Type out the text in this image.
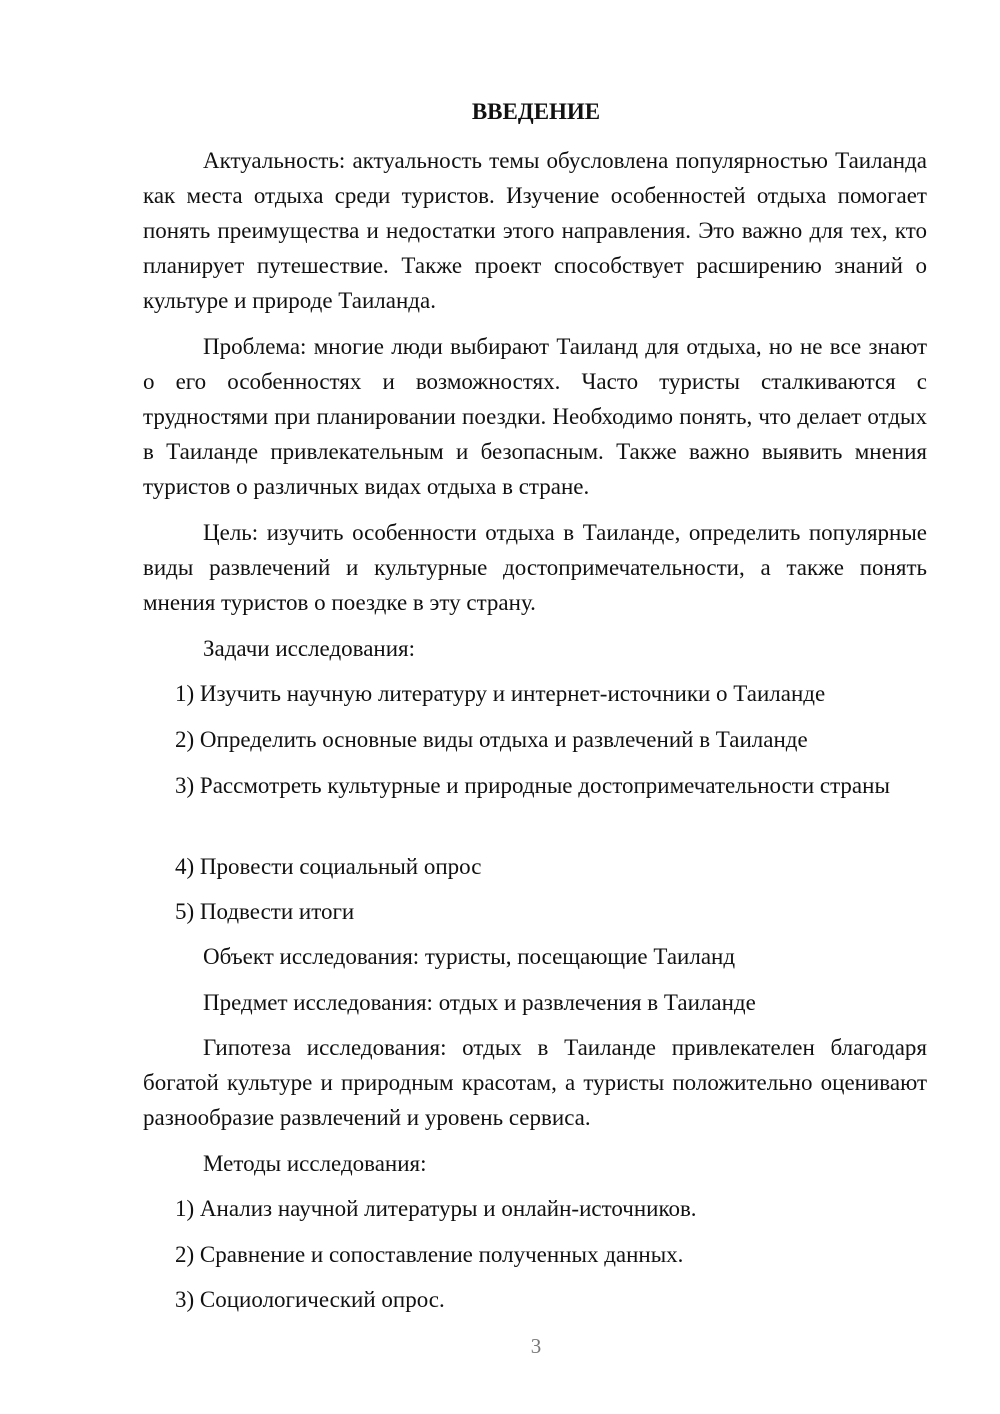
ВВЕДЕНИЕ

Актуальность: актуальность темы обусловлена популярностью Таиланда как места отдыха среди туристов. Изучение особенностей отдыха помогает понять преимущества и недостатки этого направления. Это важно для тех, кто планирует путешествие. Также проект способствует расширению знаний о культуре и природе Таиланда.

Проблема: многие люди выбирают Таиланд для отдыха, но не все знают о его особенностях и возможностях. Часто туристы сталкиваются с трудностями при планировании поездки. Необходимо понять, что делает отдых в Таиланде привлекательным и безопасным. Также важно выявить мнения туристов о различных видах отдыха в стране.

Цель: изучить особенности отдыха в Таиланде, определить популярные виды развлечений и культурные достопримечательности, а также понять мнения туристов о поездке в эту страну.

Задачи исследования:

1) Изучить научную литературу и интернет-источники о Таиланде

2) Определить основные виды отдыха и развлечений в Таиланде

3) Рассмотреть культурные и природные достопримечательности страны

4) Провести социальный опрос

5) Подвести итоги

Объект исследования: туристы, посещающие Таиланд

Предмет исследования: отдых и развлечения в Таиланде

Гипотеза исследования: отдых в Таиланде привлекателен благодаря богатой культуре и природным красотам, а туристы положительно оценивают разнообразие развлечений и уровень сервиса.

Методы исследования:

1) Анализ научной литературы и онлайн-источников.

2) Сравнение и сопоставление полученных данных.

3) Социологический опрос.

3
